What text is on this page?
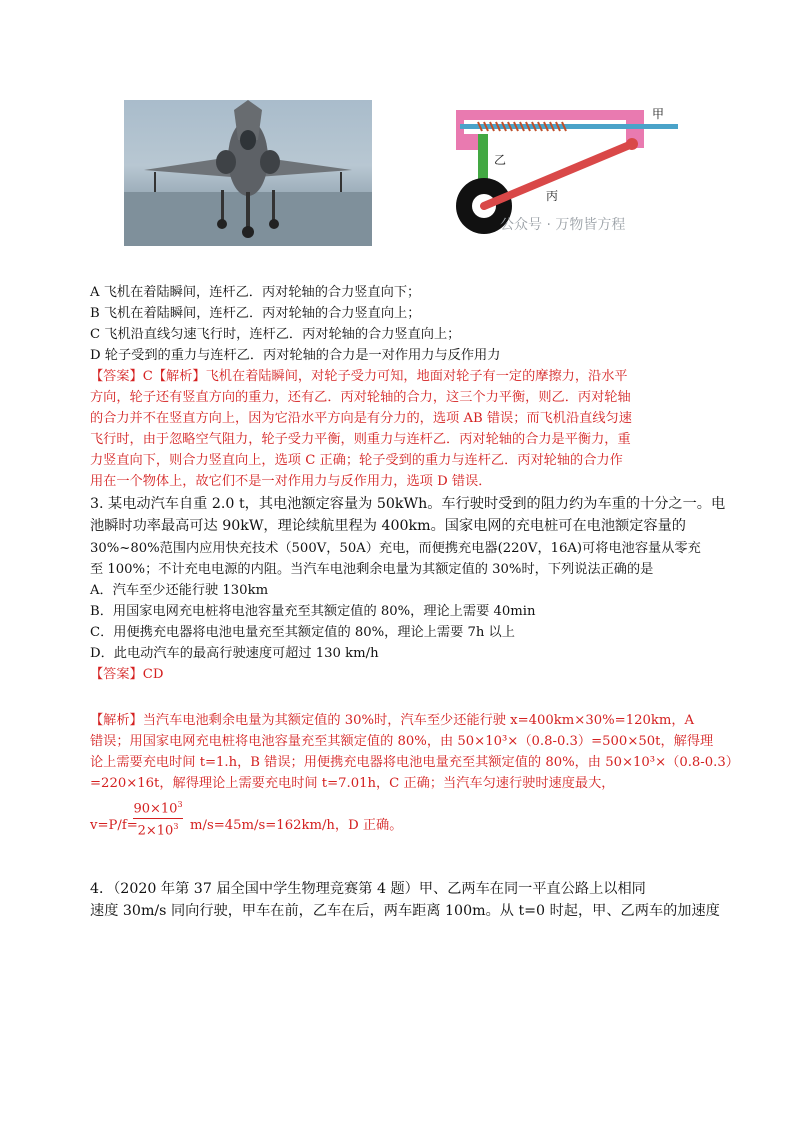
甲
乙
丙
公众号 · 万物皆方程
A 飞机在着陆瞬间，连杆乙．丙对轮轴的合力竖直向下；
B 飞机在着陆瞬间，连杆乙．丙对轮轴的合力竖直向上；
C 飞机沿直线匀速飞行时，连杆乙．丙对轮轴的合力竖直向上；
D 轮子受到的重力与连杆乙．丙对轮轴的合力是一对作用力与反作用力
【答案】C【解析】飞机在着陆瞬间，对轮子受力可知，地面对轮子有一定的摩擦力，沿水平
方向，轮子还有竖直方向的重力，还有乙．丙对轮轴的合力，这三个力平衡，则乙．丙对轮轴
的合力并不在竖直方向上，因为它沿水平方向是有分力的，选项 AB 错误；而飞机沿直线匀速
飞行时，由于忽略空气阻力，轮子受力平衡，则重力与连杆乙．丙对轮轴的合力是平衡力，重
力竖直向下，则合力竖直向上，选项 C 正确；轮子受到的重力与连杆乙．丙对轮轴的合力作
用在一个物体上，故它们不是一对作用力与反作用力，选项 D 错误．
3. 某电动汽车自重 2.0 t，其电池额定容量为 50kWh。车行驶时受到的阻力约为车重的十分之一。电
池瞬时功率最高可达 90kW，理论续航里程为 400km。国家电网的充电桩可在电池额定容量的
30%~80%范围内应用快充技术（500V，50A）充电，而便携充电器(220V，16A)可将电池容量从零充
至 100%；不计充电电源的内阻。当汽车电池剩余电量为其额定值的 30%时，下列说法正确的是
A．汽车至少还能行驶 130km
B．用国家电网充电桩将电池容量充至其额定值的 80%，理论上需要 40min
C．用便携充电器将电池电量充至其额定值的 80%，理论上需要 7h 以上
D．此电动汽车的最高行驶速度可超过 130 km/h
【答案】CD
【解析】当汽车电池剩余电量为其额定值的 30%时，汽车至少还能行驶 x=400km×30%=120km，A
错误；用国家电网充电桩将电池容量充至其额定值的 80%，由 50×10³×（0.8-0.3）=500×50t，解得理
论上需要充电时间 t=1.h，B 错误；用便携充电器将电池电量充至其额定值的 80%，由 50×10³×（0.8-0.3）
=220×16t，解得理论上需要充电时间 t=7.01h，C 正确；当汽车匀速行驶时速度最大，
v=P/f=
$\frac{90\times 10^3}{2\times 10^3} m/s=45m/s=162km/h$，D 正确。
4．（2020 年第 37 届全国中学生物理竞赛第 4 题）甲、乙两车在同一平直公路上以相同
速度 30m/s 同向行驶，甲车在前，乙车在后，两车距离 100m。从 t=0 时起，甲、乙两车的加速度
